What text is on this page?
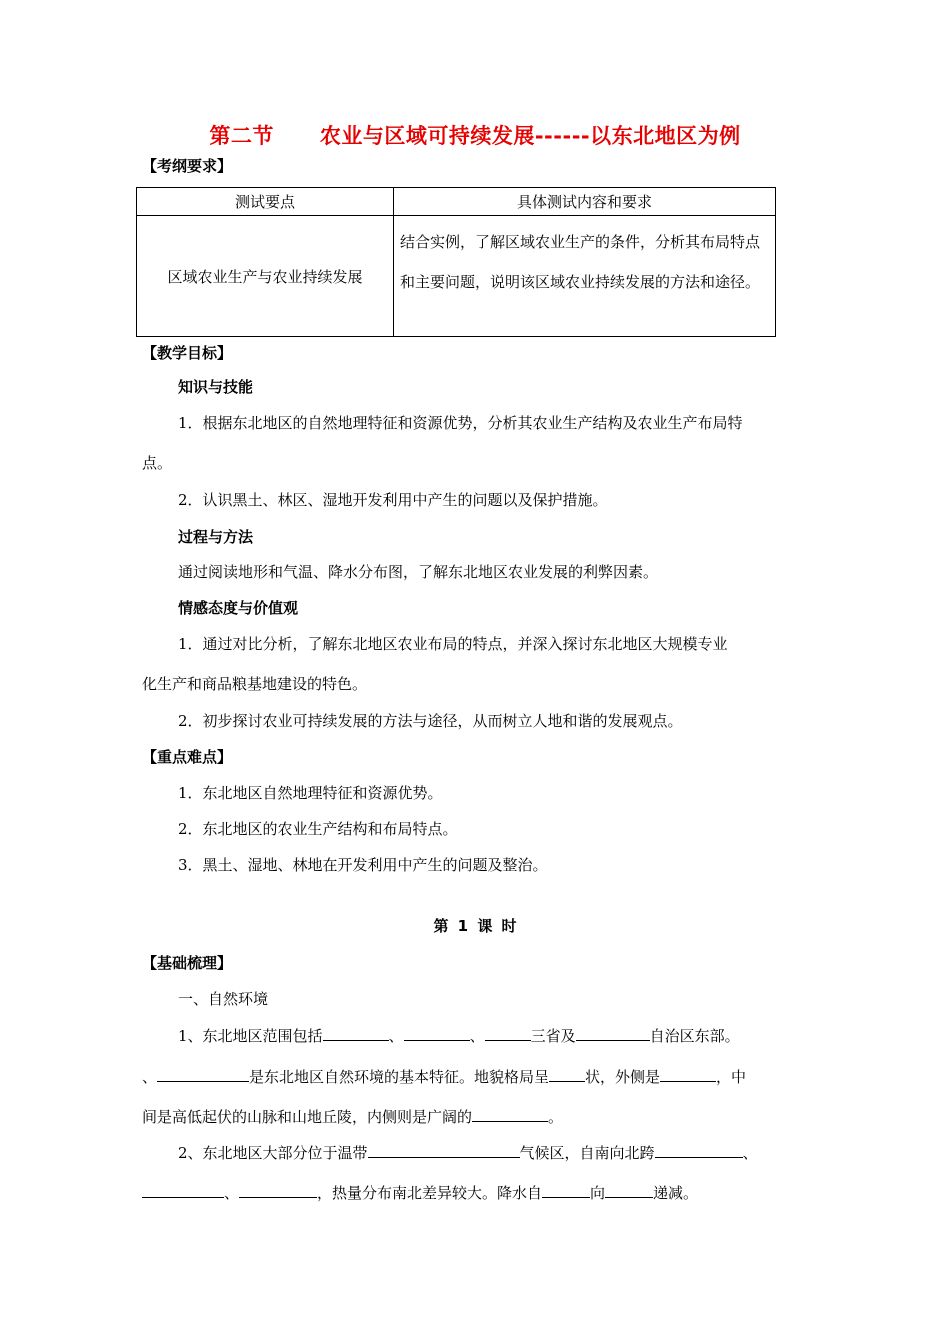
第二节 农业与区域可持续发展------以东北地区为例
【考纲要求】
测试要点	具体测试内容和要求
区域农业生产与农业持续发展	结合实例，了解区域农业生产的条件，分析其布局特点和主要问题，说明该区域农业持续发展的方法和途径。
【教学目标】
知识与技能
1．根据东北地区的自然地理特征和资源优势，分析其农业生产结构及农业生产布局特
点。
2．认识黑土、林区、湿地开发利用中产生的问题以及保护措施。
过程与方法
通过阅读地形和气温、降水分布图，了解东北地区农业发展的利弊因素。
情感态度与价值观
1．通过对比分析，了解东北地区农业布局的特点，并深入探讨东北地区大规模专业
化生产和商品粮基地建设的特色。
2．初步探讨农业可持续发展的方法与途径，从而树立人地和谐的发展观点。
【重点难点】
1．东北地区自然地理特征和资源优势。
2．东北地区的农业生产结构和布局特点。
3．黑土、湿地、林地在开发利用中产生的问题及整治。
第 1 课 时
【基础梳理】
一、自然环境
1、东北地区范围包括	、	、	三省及	自治区东部。
、	是东北地区自然环境的基本特征。地貌格局呈 状，外侧是	，中
间是高低起伏的山脉和山地丘陵，内侧则是广阔的	。
2、东北地区大部分位于温带	气候区，自南向北跨	、
、	，热量分布南北差异较大。降水自	向	递减。
